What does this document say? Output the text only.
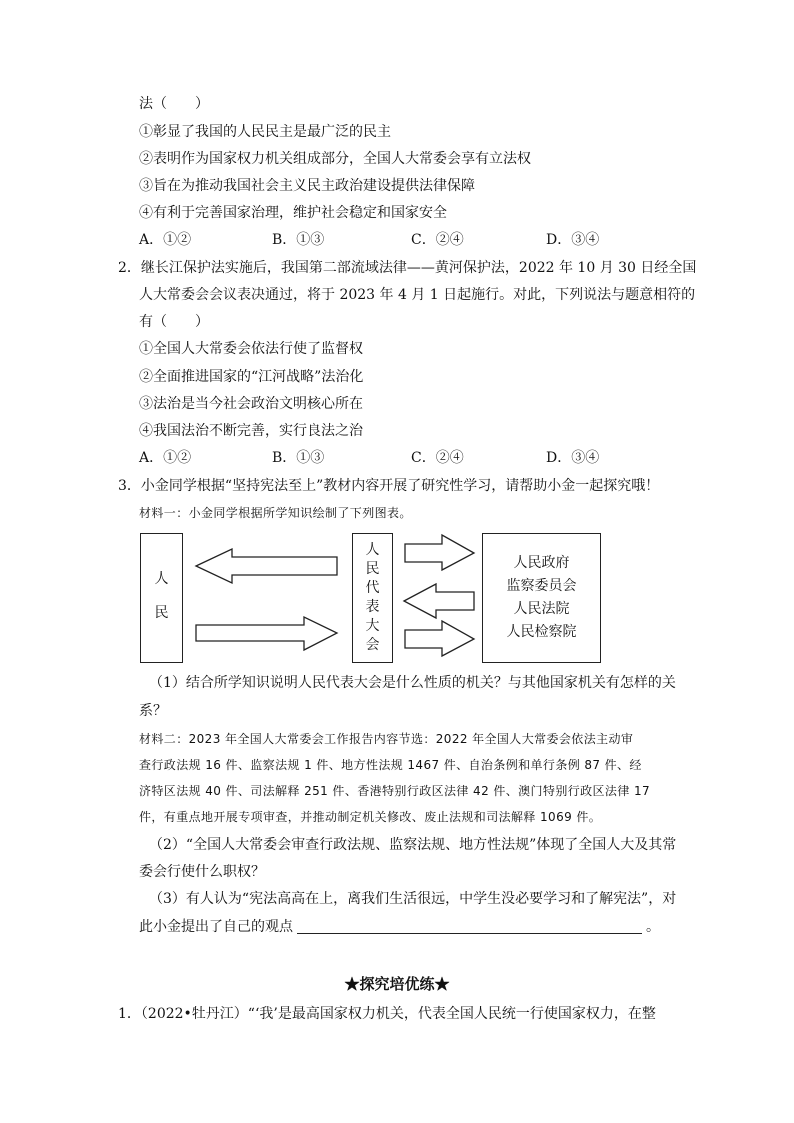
法（　　）
①彰显了我国的人民民主是最广泛的民主
②表明作为国家权力机关组成部分，全国人大常委会享有立法权
③旨在为推动我国社会主义民主政治建设提供法律保障
④有利于完善国家治理，维护社会稳定和国家安全
A．①②	B．①③	C．②④	D．③④
2．继长江保护法实施后，我国第二部流域法律——黄河保护法，2022 年 10 月 30 日经全国
人大常委会会议表决通过，将于 2023 年 4 月 1 日起施行。对此，下列说法与题意相符的
有（　　）
①全国人大常委会依法行使了监督权
②全面推进国家的“江河战略”法治化
③法治是当今社会政治文明核心所在
④我国法治不断完善，实行良法之治
A．①②	B．①③	C．②④	D．③④
3．小金同学根据“坚持宪法至上”教材内容开展了研究性学习，请帮助小金一起探究哦！
材料一：小金同学根据所学知识绘制了下列图表。
人
民
人
民
代
表
大
会
人民政府
监察委员会
人民法院
人民检察院
（1）结合所学知识说明人民代表大会是什么性质的机关？与其他国家机关有怎样的关
系？
材料二：2023 年全国人大常委会工作报告内容节选：2022 年全国人大常委会依法主动审
查行政法规 16 件、监察法规 1 件、地方性法规 1467 件、自治条例和单行条例 87 件、经
济特区法规 40 件、司法解释 251 件、香港特别行政区法律 42 件、澳门特别行政区法律 17
件，有重点地开展专项审查，并推动制定机关修改、废止法规和司法解释 1069 件。
（2）“全国人大常委会审查行政法规、监察法规、地方性法规”体现了全国人大及其常
委会行使什么职权？
（3）有人认为“宪法高高在上，离我们生活很远，中学生没必要学习和了解宪法”，对
此小金提出了自己的观点	。
★探究培优练★
1．（2022•牡丹江）“‘我’是最高国家权力机关，代表全国人民统一行使国家权力，在整
